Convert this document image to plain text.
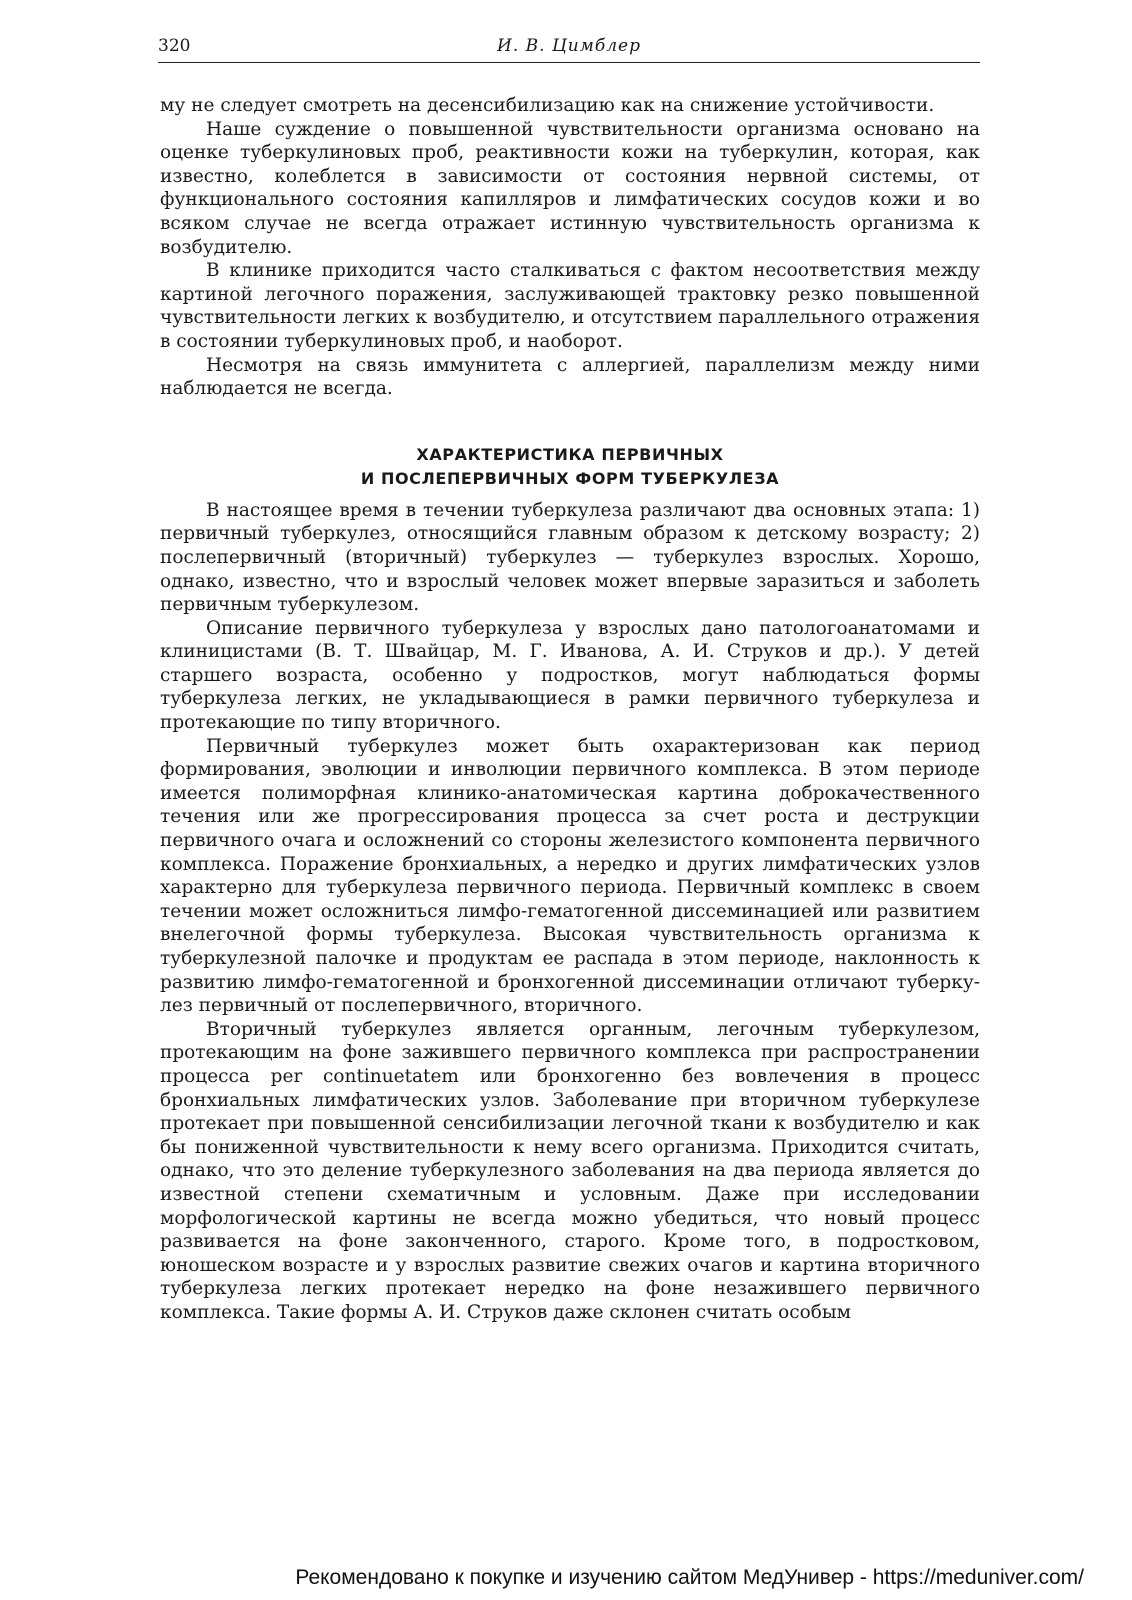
320	И. В. Цимблер

му не следует смотреть на десенсибилизацию как на снижение устойчивости.

Наше суждение о повышенной чувствительности организма основано на оценке туберкулиновых проб, реактивности кожи на туберкулин, которая, как известно, колеблется в зависимости от состояния нервной системы, от функционального состояния капилляров и лимфатических сосудов кожи и во всяком случае не всегда отражает истинную чувствительность организма к возбудителю.

В клинике приходится часто сталкиваться с фактом несоответствия между картиной легочного поражения, заслуживающей трактовку резко повышенной чувствительности легких к возбудителю, и отсутствием параллельного отражения в состоянии туберкулиновых проб, и наоборот.

Несмотря на связь иммунитета с аллергией, параллелизм между ними наблюдается не всегда.

ХАРАКТЕРИСТИКА ПЕРВИЧНЫХ
И ПОСЛЕПЕРВИЧНЫХ ФОРМ ТУБЕРКУЛЕЗА

В настоящее время в течении туберкулеза различают два основных этапа: 1) первичный туберкулез, относящийся главным образом к детскому возрасту; 2) послепервичный (вторичный) туберкулез — туберкулез взрослых. Хорошо, однако, известно, что и взрослый человек может впервые заразиться и заболеть первичным туберкулезом.

Описание первичного туберкулеза у взрослых дано патологоанатомами и клиницистами (В. Т. Швайцар, М. Г. Иванова, А. И. Струков и др.). У детей старшего возраста, особенно у подростков, могут наблюдаться формы туберкулеза легких, не укладывающиеся в рамки первичного туберкулеза и протекающие по типу вторичного.

Первичный туберкулез может быть охарактеризован как период формирования, эволюции и инволюции первичного комплекса. В этом периоде имеется полиморфная клинико-анатомическая картина доброкачественного течения или же прогрессирования процесса за счет роста и деструкции первичного очага и осложнений со стороны железистого компонента первичного комплекса. Поражение бронхиальных, а нередко и других лимфатических узлов характерно для туберкулеза первичного периода. Первичный комплекс в своем течении может осложниться лимфо-гематогенной диссеминацией или развитием внелегочной формы туберкулеза. Высокая чувствительность организма к туберкулезной палочке и продуктам ее распада в этом периоде, наклонность к развитию лимфо-гематогенной и бронхогенной диссеминации отличают туберкулез первичный от послепервичного, вторичного.

Вторичный туберкулез является органным, легочным туберкулезом, протекающим на фоне зажившего первичного комплекса при распространении процесса per continuetatem или бронхогенно без вовлечения в процесс бронхиальных лимфатических узлов. Заболевание при вторичном туберкулезе протекает при повышенной сенсибилизации легочной ткани к возбудителю и как бы пониженной чувствительности к нему всего организма. Приходится считать, однако, что это деление туберкулезного заболевания на два периода является до известной степени схематичным и условным. Даже при исследовании морфологической картины не всегда можно убедиться, что новый процесс развивается на фоне законченного, старого. Кроме того, в подростковом, юношеском возрасте и у взрослых развитие свежих очагов и картина вторичного туберкулеза легких протекает нередко на фоне незажившего первичного комплекса. Такие формы А. И. Струков даже склонен считать особым

Рекомендовано к покупке и изучению сайтом МедУнивер - https://meduniver.com/
